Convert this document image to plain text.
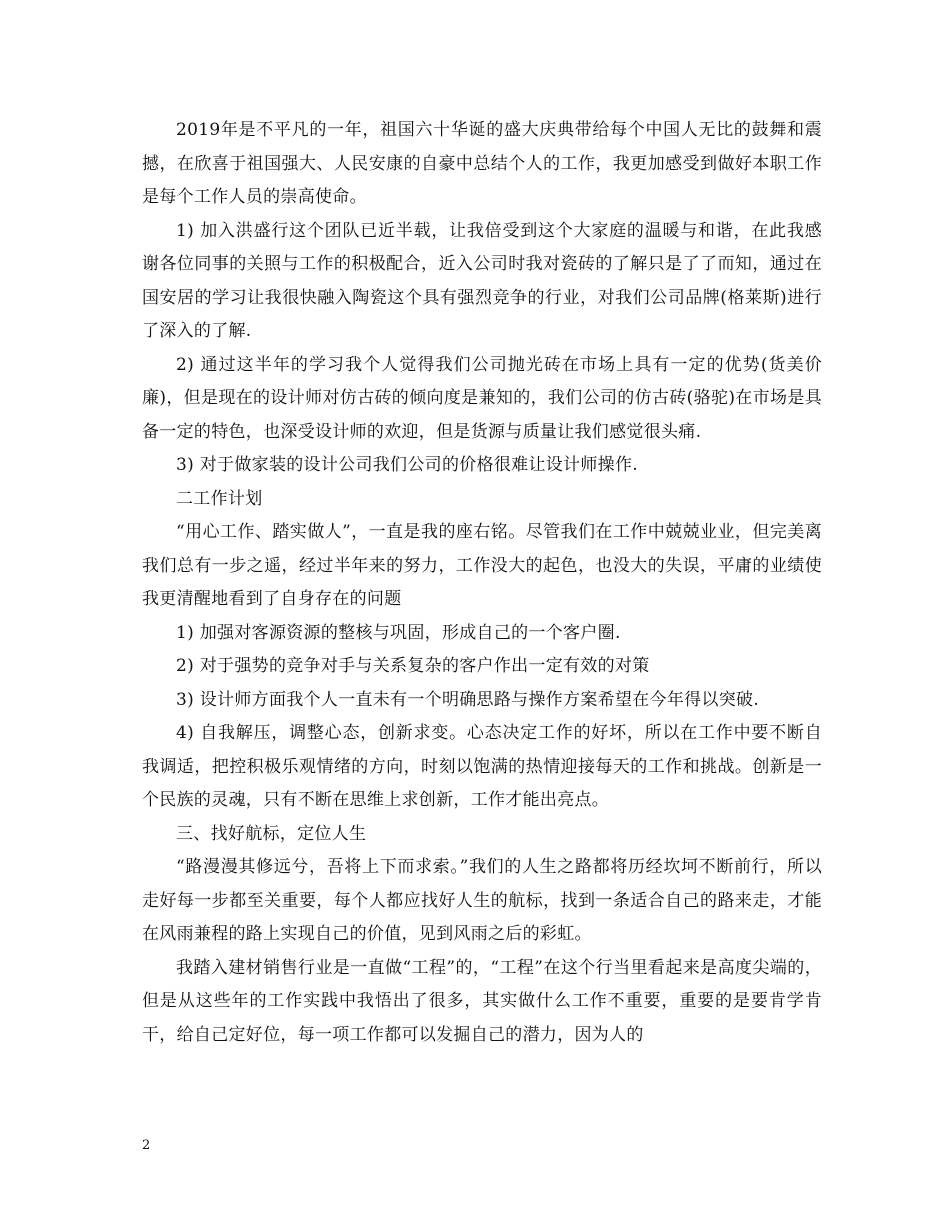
2019年是不平凡的一年，祖国六十华诞的盛大庆典带给每个中国人无比的鼓舞和震撼，在欣喜于祖国强大、人民安康的自豪中总结个人的工作，我更加感受到做好本职工作是每个工作人员的崇高使命。

1) 加入洪盛行这个团队已近半载，让我倍受到这个大家庭的温暖与和谐，在此我感谢各位同事的关照与工作的积极配合，近入公司时我对瓷砖的了解只是了了而知，通过在国安居的学习让我很快融入陶瓷这个具有强烈竞争的行业，对我们公司品牌(格莱斯)进行了深入的了解.

2) 通过这半年的学习我个人觉得我们公司抛光砖在市场上具有一定的优势(货美价廉)，但是现在的设计师对仿古砖的倾向度是兼知的，我们公司的仿古砖(骆驼)在市场是具备一定的特色，也深受设计师的欢迎，但是货源与质量让我们感觉很头痛.

3) 对于做家装的设计公司我们公司的价格很难让设计师操作.

二工作计划

“用心工作、踏实做人”，一直是我的座右铭。尽管我们在工作中兢兢业业，但完美离我们总有一步之遥，经过半年来的努力，工作没大的起色，也没大的失误，平庸的业绩使我更清醒地看到了自身存在的问题

1) 加强对客源资源的整核与巩固，形成自己的一个客户圈.

2) 对于强势的竞争对手与关系复杂的客户作出一定有效的对策

3) 设计师方面我个人一直未有一个明确思路与操作方案希望在今年得以突破.

4) 自我解压，调整心态，创新求变。心态决定工作的好坏，所以在工作中要不断自我调适，把控积极乐观情绪的方向，时刻以饱满的热情迎接每天的工作和挑战。创新是一个民族的灵魂，只有不断在思维上求创新，工作才能出亮点。

三、找好航标，定位人生

“路漫漫其修远兮，吾将上下而求索。”我们的人生之路都将历经坎坷不断前行，所以走好每一步都至关重要，每个人都应找好人生的航标，找到一条适合自己的路来走，才能在风雨兼程的路上实现自己的价值，见到风雨之后的彩虹。

我踏入建材销售行业是一直做“工程”的，“工程”在这个行当里看起来是高度尖端的，但是从这些年的工作实践中我悟出了很多，其实做什么工作不重要，重要的是要肯学肯干，给自己定好位，每一项工作都可以发掘自己的潜力，因为人的

2
